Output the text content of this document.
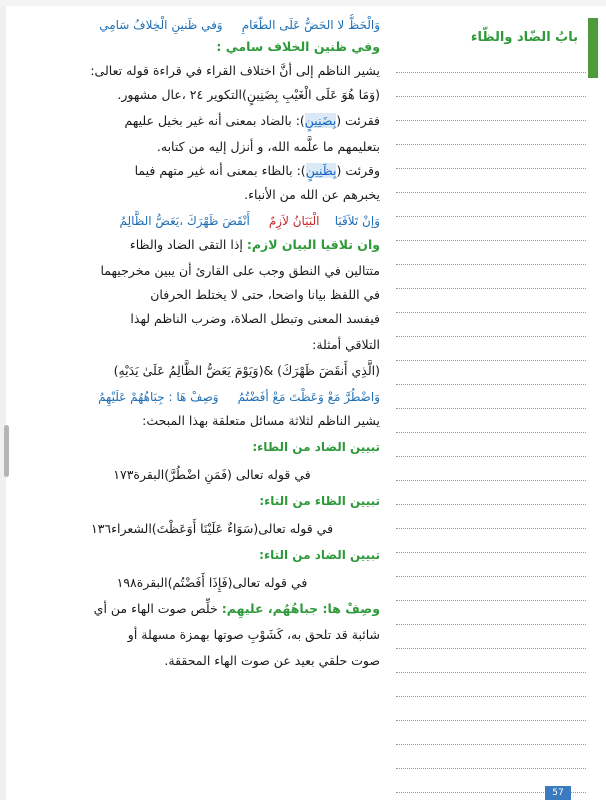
بابُ الضّاد والظّاء
وَالْحَظُّ لا الحَضُّ عَلَى الطّعَامِ     وَفي ظَنينِ الْخِلافُ سَامِي
وفي ظنين الخلاف سامي :
يشير الناظم إلى أنَّ اختلاف القراء في قراءة قوله تعالى:
(وَمَا هُوَ عَلَى الْغَيْبِ بِضَنِينٍ)التكوير ٢٤ ،عال مشهور.
فقرئت (بِضَنِينٍ): بالضاد بمعنى أنه غير بخيل عليهم
بتعليمهم ما علَّمه الله، و أنزل إليه من كتابه.
وقرئت (بِظَنِينٍ): بالظاء بمعنى أنه غير متهم فيما
يخبرهم عن الله من الأنباء.
وَإنْ تَلاَقَيَا    الْبَيَانُ لاَزِمٌ     أَنْقَضَ ظَهْرَكَ ،يَعَضُّ الظَّالِمُ
وان تلاقيا البيان لازم: إذا التقى الضاد والظاء
متتالين في النطق وجب على القارئ أن يبين مخرجيهما
في اللفظ بيانا واضحا، حتى لا يختلط الحرفان
فيفسد المعنى وتبطل الصلاة، وضرب الناظم لهذا
التلاقي أمثلة:
(الَّذِي أَنقَضَ ظَهْرَكَ) &(وَيَوْمَ يَعَضُّ الظَّالِمُ عَلَىٰ يَدَيْهِ)
وَاضْطُرَّ مَعْ وَعَظْتَ مَعْ أفَضْتُمُ     وَصِفْ هَا : جِبَاهُهُمْ عَلَيْهِمُ
يشير الناظم لثلاثة مسائل متعلقة بهذا المبحث:
تبيين الضاد من الطاء:
في قوله تعالى (فَمَنِ اضْطُرَّ)البقرة١٧٣
تبيين الظاء من التاء:
في قوله تعالى(سَوَاءٌ عَلَيْنَا أَوَعَظْتَ)الشعراء١٣٦
تبيين الضاد من التاء:
في قوله تعالى(فَإِذَا أَفَضْتُم)البقرة١٩٨
وصِفْ ها: جباهُهُم، عليهِم: خلِّص صوت الهاء من أي
شائبة قد تلحق به، كَشَوْبِ صوتها بهمزة مسهلة أو
صوت حلقي بعيد عن صوت الهاء المحققة.
57
